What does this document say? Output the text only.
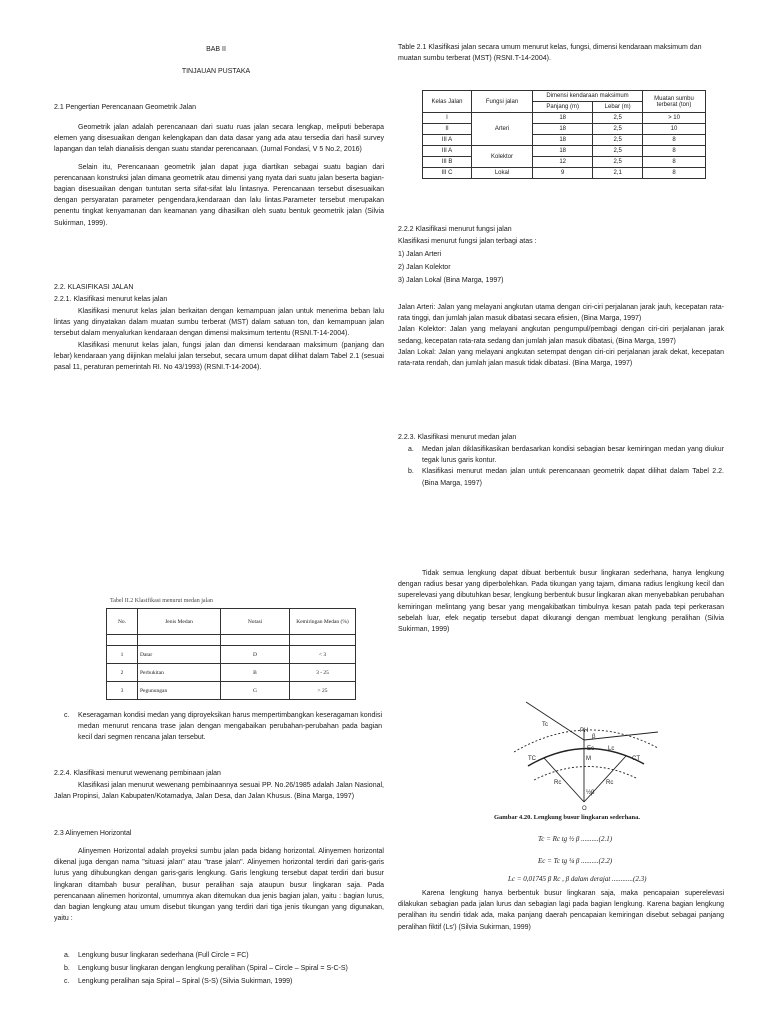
BAB II
TINJAUAN PUSTAKA
2.1 Pengertian Perencanaan Geometrik Jalan

Geometrik jalan adalah perencanaan dari suatu ruas jalan secara lengkap, meliputi beberapa elemen yang disesuaikan dengan kelengkapan dan data dasar yang ada atau tersedia dari hasil survey lapangan dan telah dianalisis dengan suatu standar perencanaan. (Jurnal Fondasi, V 5 No.2, 2016)

Selain itu, Perencanaan geometrik jalan dapat juga diartikan sebagai suatu bagian dari perencanaan konstruksi jalan dimana geometrik atau dimensi yang nyata dari suatu jalan beserta bagian-bagian disesuaikan dengan tuntutan serta sifat-sifat lalu lintasnya. Perencanaan tersebut disesuaikan dengan persyaratan parameter pengendara,kendaraan dan lalu lintas.Parameter tersebut merupakan penentu tingkat kenyamanan dan keamanan yang dihasilkan oleh suatu bentuk geometrik jalan (Silvia Sukirman, 1999).

2.2. KLASIFIKASI JALAN
2.2.1. Klasifikasi menurut kelas jalan

Klasifikasi menurut kelas jalan berkaitan dengan kemampuan jalan untuk menerima beban lalu lintas yang dinyatakan dalam muatan sumbu terberat (MST) dalam satuan ton, dan kemampuan jalan tersebut dalam menyalurkan kendaraan dengan dimensi maksimum tertentu (RSNI.T-14-2004).

Klasifikasi menurut kelas jalan, fungsi jalan dan dimensi kendaraan maksimum (panjang dan lebar) kendaraan yang diijinkan melalui jalan tersebut, secara umum dapat dilihat dalam Tabel 2.1 (sesuai pasal 11, peraturan pemerintah RI. No 43/1993) (RSNI.T-14-2004).

Table 2.1 Klasifikasi jalan secara umum menurut kelas, fungsi, dimensi kendaraan maksimum dan muatan sumbu terberat (MST) (RSNI.T-14-2004).
Kelas Jalan	Fungsi jalan	Dimensi kendaraan maksimum		Muatan sumbu terberat (ton)
		Panjang (m)	Lebar (m)	
I	Arteri	18	2,5	> 10
II		18	2,5	10
III A		18	2,5	8
III A	Kolektor	18	2,5	8
III B		12	2,5	8
III C	Lokal	9	2,1	8
2.2.2 Klasifikasi menurut fungsi jalan
Klasifikasi menurut fungsi jalan terbagi atas :
1) Jalan Arteri
2) Jalan Kolektor
3) Jalan Lokal (Bina Marga, 1997)

Jalan Arteri: Jalan yang melayani angkutan utama dengan ciri-ciri perjalanan jarak jauh, kecepatan rata-rata tinggi, dan jumlah jalan masuk dibatasi secara efisien, (Bina Marga, 1997)

Jalan Kolektor: Jalan yang melayani angkutan pengumpul/pembagi dengan ciri-ciri perjalanan jarak sedang, kecepatan rata-rata sedang dan jumlah jalan masuk dibatasi, (Bina Marga, 1997)

Jalan Lokal: Jalan yang melayani angkutan setempat dengan ciri-ciri perjalanan jarak dekat, kecepatan rata-rata rendah, dan jumlah jalan masuk tidak dibatasi. (Bina Marga, 1997)

2.2.3. Klasifikasi menurut medan jalan
a. Medan jalan diklasifikasikan berdasarkan kondisi sebagian besar kemiringan medan yang diukur tegak lurus garis kontur.
b. Klasifikasi menurut medan jalan untuk perencanaan geometrik dapat dilihat dalam Tabel 2.2. (Bina Marga, 1997)
Tabel II.2 Klasifikasi menurut medan jalan
No.	Jenis Medan	Notasi	Kemiringan Medan (%)

1	Datar	D	< 3
2	Perbukitan	B	3 - 25
3	Pegunungan	G	> 25
c. Keseragaman kondisi medan yang diproyeksikan harus mempertimbangkan keseragaman kondisi medan menurut rencana trase jalan dengan mengabaikan perubahan-perubahan pada bagian kecil dari segmen rencana jalan tersebut.
2.2.4. Klasifikasi menurut wewenang pembinaan jalan
Klasifikasi jalan menurut wewenang pembinaannya sesuai PP. No.26/1985 adalah Jalan Nasional, Jalan Propinsi, Jalan Kabupaten/Kotamadya, Jalan Desa, dan Jalan Khusus. (Bina Marga, 1997)
2.3 Alinyemen Horizontal
Alinyemen Horizontal adalah proyeksi sumbu jalan pada bidang horizontal. Alinyemen horizontal dikenal juga dengan nama "situasi jalan" atau "trase jalan". Alinyemen horizontal terdiri dari garis-garis lurus yang dihubungkan dengan garis-garis lengkung. Garis lengkung tersebut dapat terdiri dari busur lingkaran ditambah busur peralihan, busur peralihan saja ataupun busur lingkaran saja. Pada perencanaan alinemen horizontal, umumnya akan ditemukan dua jenis bagian jalan, yaitu : bagian lurus, dan bagian lengkung atau umum disebut tikungan yang terdiri dari tiga jenis tikungan yang digunakan, yaitu :
a. Lengkung busur lingkaran sederhana (Full Circle = FC)
b. Lengkung busur lingkaran dengan lengkung peralihan (Spiral – Circle – Spiral = S-C-S)
c. Lengkung peralihan saja Spiral – Spiral (S-S) (Silvia Sukirman, 1999)
Tidak semua lengkung dapat dibuat berbentuk busur lingkaran sederhana, hanya lengkung dengan radius besar yang diperbolehkan. Pada tikungan yang tajam, dimana radius lengkung kecil dan superelevasi yang dibutuhkan besar, lengkung berbentuk busur lingkaran akan menyebabkan perubahan kemiringan melintang yang besar yang mengakibatkan timbulnya kesan patah pada tepi perkerasan sebelah luar, efek negatip tersebut dapat dikurangi dengan membuat lengkung peralihan (Silvia Sukirman, 1999)
PH
Tc
Ec
TC	CT
M
Lc
Rc	Rc
O
β
½β
Gambar 4.20. Lengkung busur lingkaran sederhana.
Tc = Rc tg ½ β ..........(2.1)
Ec = Tc tg ¼ β ..........(2.2)
Lc = 0,01745 β Rc , β dalam derajat ............(2.3)
Karena lengkung hanya berbentuk busur lingkaran saja, maka pencapaian superelevasi dilakukan sebagian pada jalan lurus dan sebagian lagi pada bagian lengkung. Karena bagian lengkung peralihan itu sendiri tidak ada, maka panjang daerah pencapaian kemiringan disebut sebagai panjang peralihan fiktif (Ls') (Silvia Sukirman, 1999)
